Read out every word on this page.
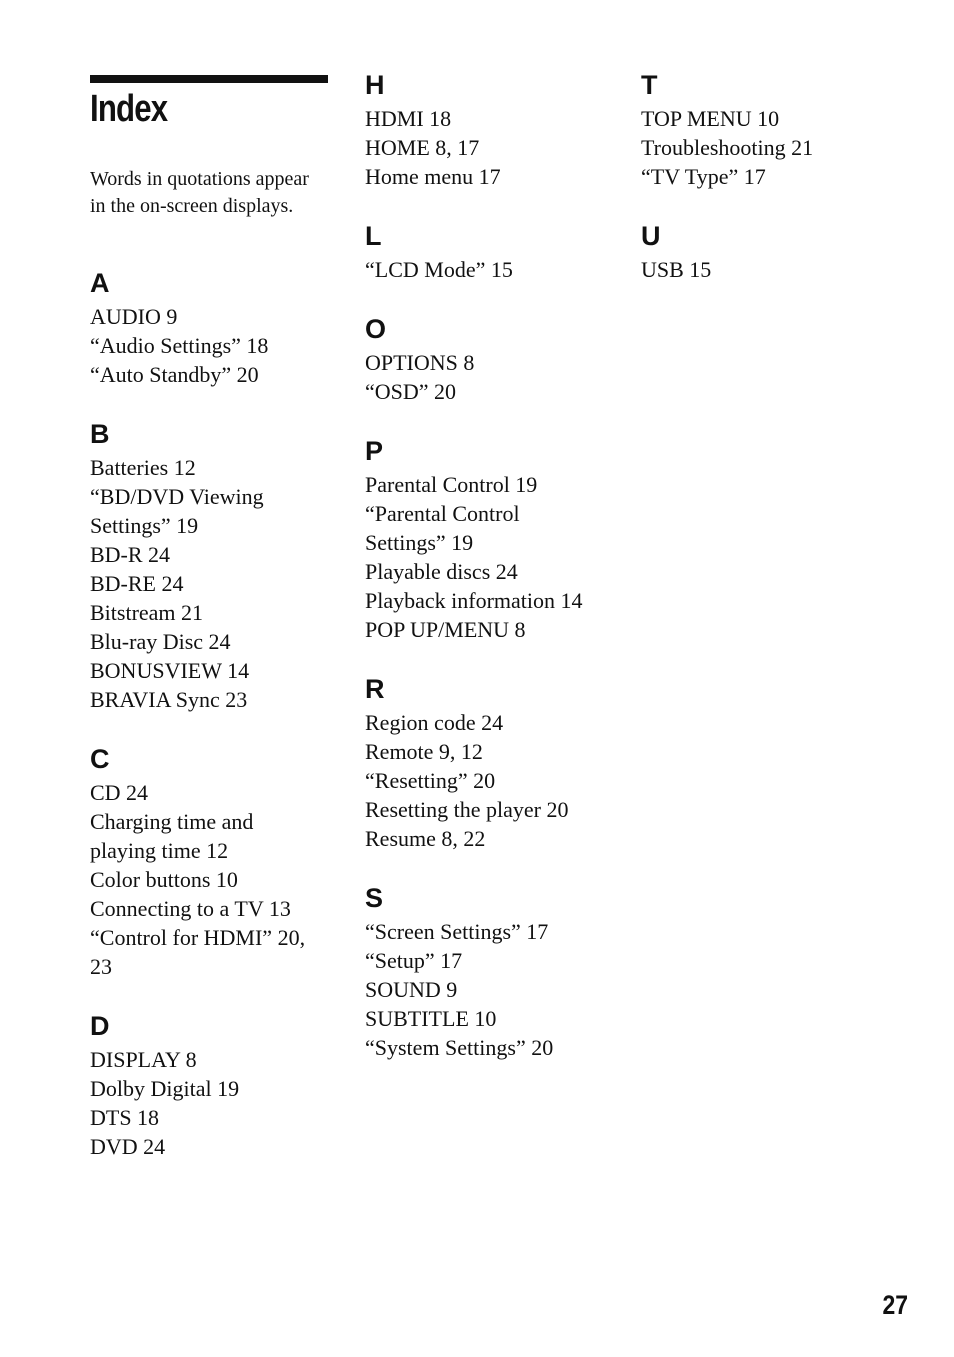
Index

Words in quotations appear in the on-screen displays.

A
AUDIO 9
“Audio Settings” 18
“Auto Standby” 20
B
Batteries 12
“BD/DVD Viewing
Settings” 19
BD-R 24
BD-RE 24
Bitstream 21
Blu-ray Disc 24
BONUSVIEW 14
BRAVIA Sync 23
C
CD 24
Charging time and
playing time 12
Color buttons 10
Connecting to a TV 13
“Control for HDMI” 20,
23
D
DISPLAY 8
Dolby Digital 19
DTS 18
DVD 24
H
HDMI 18
HOME 8, 17
Home menu 17
L
“LCD Mode” 15
O
OPTIONS 8
“OSD” 20
P
Parental Control 19
“Parental Control
Settings” 19
Playable discs 24
Playback information 14
POP UP/MENU 8
R
Region code 24
Remote 9, 12
“Resetting” 20
Resetting the player 20
Resume 8, 22
S
“Screen Settings” 17
“Setup” 17
SOUND 9
SUBTITLE 10
“System Settings” 20
T
TOP MENU 10
Troubleshooting 21
“TV Type” 17
U
USB 15
27
